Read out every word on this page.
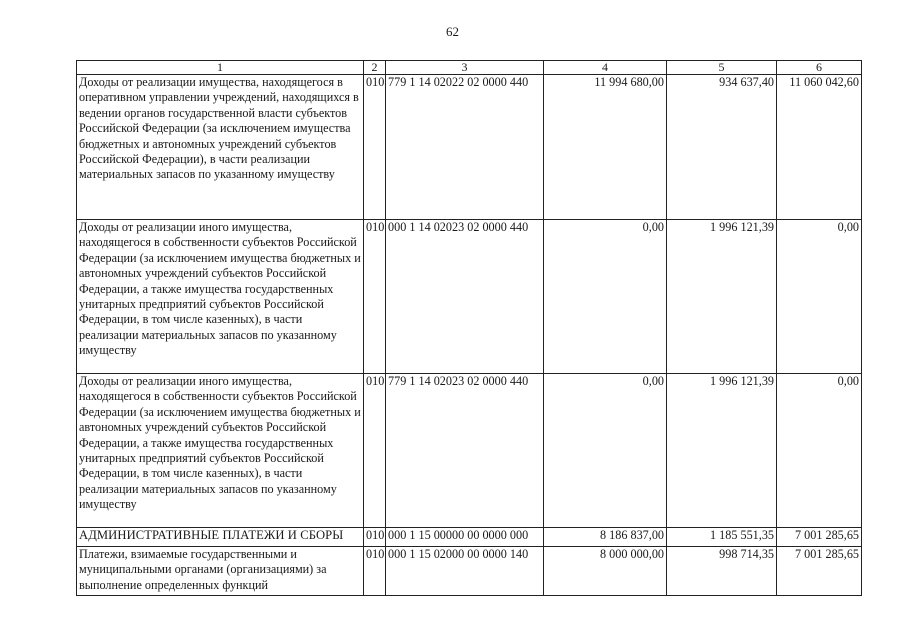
62
1	2	3	4	5	6
Доходы от реализации имущества, находящегося в оперативном управлении учреждений, находящихся в ведении органов государственной власти субъектов Российской Федерации (за исключением имущества бюджетных и автономных учреждений субъектов Российской Федерации), в части реализации материальных запасов по указанному имуществу	010	779 1 14 02022 02 0000 440	11 994 680,00	934 637,40	11 060 042,60
Доходы от реализации иного имущества, находящегося в собственности субъектов Российской Федерации (за исключением имущества бюджетных и автономных учреждений субъектов Российской Федерации, а также имущества государственных унитарных предприятий субъектов Российской Федерации, в том числе казенных), в части реализации материальных запасов по указанному имуществу	010	000 1 14 02023 02 0000 440	0,00	1 996 121,39	0,00
Доходы от реализации иного имущества, находящегося в собственности субъектов Российской Федерации (за исключением имущества бюджетных и автономных учреждений субъектов Российской Федерации, а также имущества государственных унитарных предприятий субъектов Российской Федерации, в том числе казенных), в части реализации материальных запасов по указанному имуществу	010	779 1 14 02023 02 0000 440	0,00	1 996 121,39	0,00
АДМИНИСТРАТИВНЫЕ ПЛАТЕЖИ И СБОРЫ	010	000 1 15 00000 00 0000 000	8 186 837,00	1 185 551,35	7 001 285,65
Платежи, взимаемые государственными и муниципальными органами (организациями) за выполнение определенных функций	010	000 1 15 02000 00 0000 140	8 000 000,00	998 714,35	7 001 285,65
